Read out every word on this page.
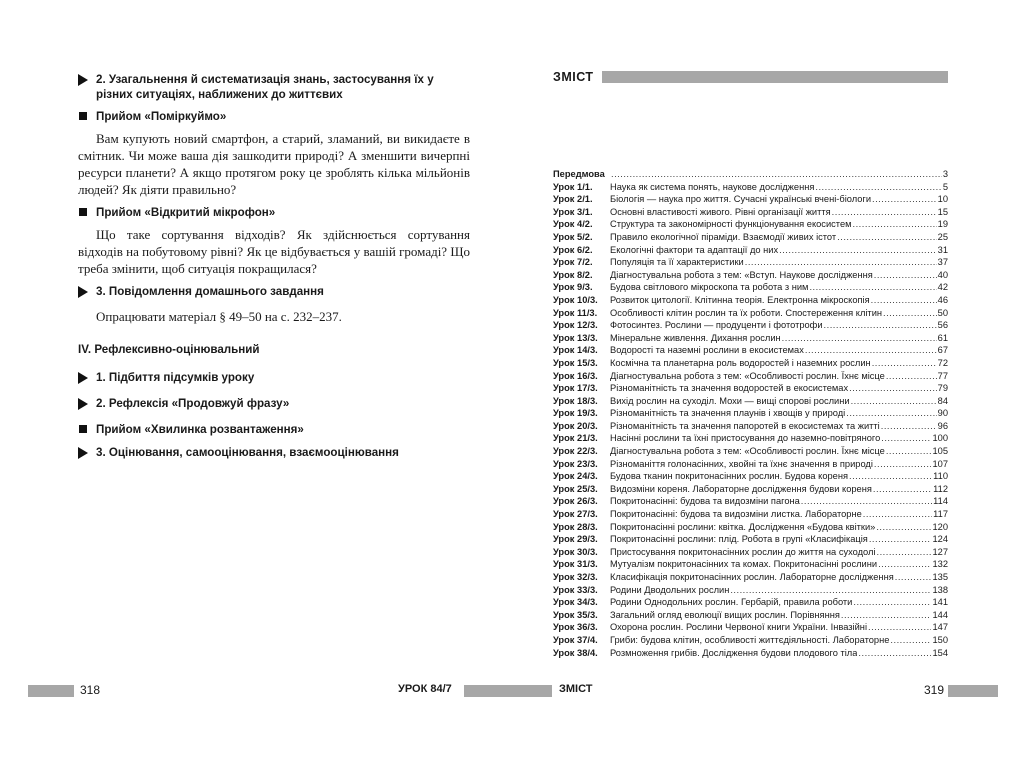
2. Узагальнення й систематизація знань, застосування їх у різних ситуаціях, наближених до життєвих
Прийом «Поміркуймо»

Вам купують новий смартфон, а старий, зламаний, ви викидаєте в смітник. Чи може ваша дія зашкодити природі? А зменшити вичерпні ресурси планети? А якщо протягом року це зроблять кілька мільйонів людей? Як діяти правильно?

Прийом «Відкритий мікрофон»

Що таке сортування відходів? Як здійснюється сортування відходів на побутовому рівні? Як це відбувається у вашій громаді? Що треба змінити, щоб ситуація покращилася?

3. Повідомлення домашнього завдання

Опрацювати матеріал § 49–50 на с. 232–237.

IV. Рефлексивно-оцінювальний
1. Підбиття підсумків уроку
2. Рефлексія «Продовжуй фразу»
Прийом «Хвилинка розвантаження»
3. Оцінювання, самооцінювання, взаємооцінювання
ЗМІСТ
Передмова .....	3
Урок 1/1.	Наука як система понять, наукове дослідження .....	5
Урок 2/1.	Біологія — наука про життя. Сучасні українські вчені-біологи .....	10
Урок 3/1.	Основні властивості живого. Рівні організації життя .....	15
Урок 4/2.	Структура та закономірності функціонування екосистем .....	19
Урок 5/2.	Правило екологічної піраміди. Взаємодії живих істот .....	25
Урок 6/2.	Екологічні фактори та адаптації до них .....	31
Урок 7/2.	Популяція та її характеристики .....	37
Урок 8/2.	Діагностувальна робота з тем: «Вступ. Наукове дослідження .....	40
Урок 9/3.	Будова світлового мікроскопа та робота з ним .....	42
Урок 10/3.	Розвиток цитології. Клітинна теорія. Електронна мікроскопія .....	46
Урок 11/3.	Особливості клітин рослин та їх роботи. Спостереження клітин .....	50
Урок 12/3.	Фотосинтез. Рослини — продуценти і фототрофи .....	56
Урок 13/3.	Мінеральне живлення. Дихання рослин .....	61
Урок 14/3.	Водорості та наземні рослини в екосистемах .....	67
Урок 15/3.	Космічна та планетарна роль водоростей і наземних рослин .....	72
Урок 16/3.	Діагностувальна робота з тем: «Особливості рослин. Їхнє місце .....	77
Урок 17/3.	Різноманітність та значення водоростей в екосистемах .....	79
Урок 18/3.	Вихід рослин на суходіл. Мохи — вищі спорові рослини .....	84
Урок 19/3.	Різноманітність та значення плаунів і хвощів у природі .....	90
Урок 20/3.	Різноманітність та значення папоротей в екосистемах та житті .....	96
Урок 21/3.	Насінні рослини та їхні пристосування до наземно-повітряного .....	100
Урок 22/3.	Діагностувальна робота з тем: «Особливості рослин. Їхнє місце .....	105
Урок 23/3.	Різноманіття голонасінних, хвойні та їхнє значення в природі .....	107
Урок 24/3.	Будова тканин покритонасінних рослин. Будова кореня .....	110
Урок 25/3.	Видозміни кореня. Лабораторне дослідження будови кореня .....	112
Урок 26/3.	Покритонасінні: будова та видозміни пагона .....	114
Урок 27/3.	Покритонасінні: будова та видозміни листка. Лабораторне .....	117
Урок 28/3.	Покритонасінні рослини: квітка. Дослідження «Будова квітки» .....	120
Урок 29/3.	Покритонасінні рослини: плід. Робота в групі «Класифікація .....	124
Урок 30/3.	Пристосування покритонасінних рослин до життя на суходолі .....	127
Урок 31/3.	Мутуалізм покритонасінних та комах. Покритонасінні рослини .....	132
Урок 32/3.	Класифікація покритонасінних рослин. Лабораторне дослідження .....	135
Урок 33/3.	Родини Дводольних рослин .....	138
Урок 34/3.	Родини Однодольних рослин. Гербарій, правила роботи .....	141
Урок 35/3.	Загальний огляд еволюції вищих рослин. Порівняння .....	144
Урок 36/3.	Охорона рослин. Рослини Червоної книги України. Інвазійні .....	147
Урок 37/4.	Гриби: будова клітин, особливості життєдіяльності. Лабораторне .....	150
Урок 38/4.	Розмноження грибів. Дослідження будови плодового тіла .....	154
318	УРОК 84/7	ЗМІСТ	319
